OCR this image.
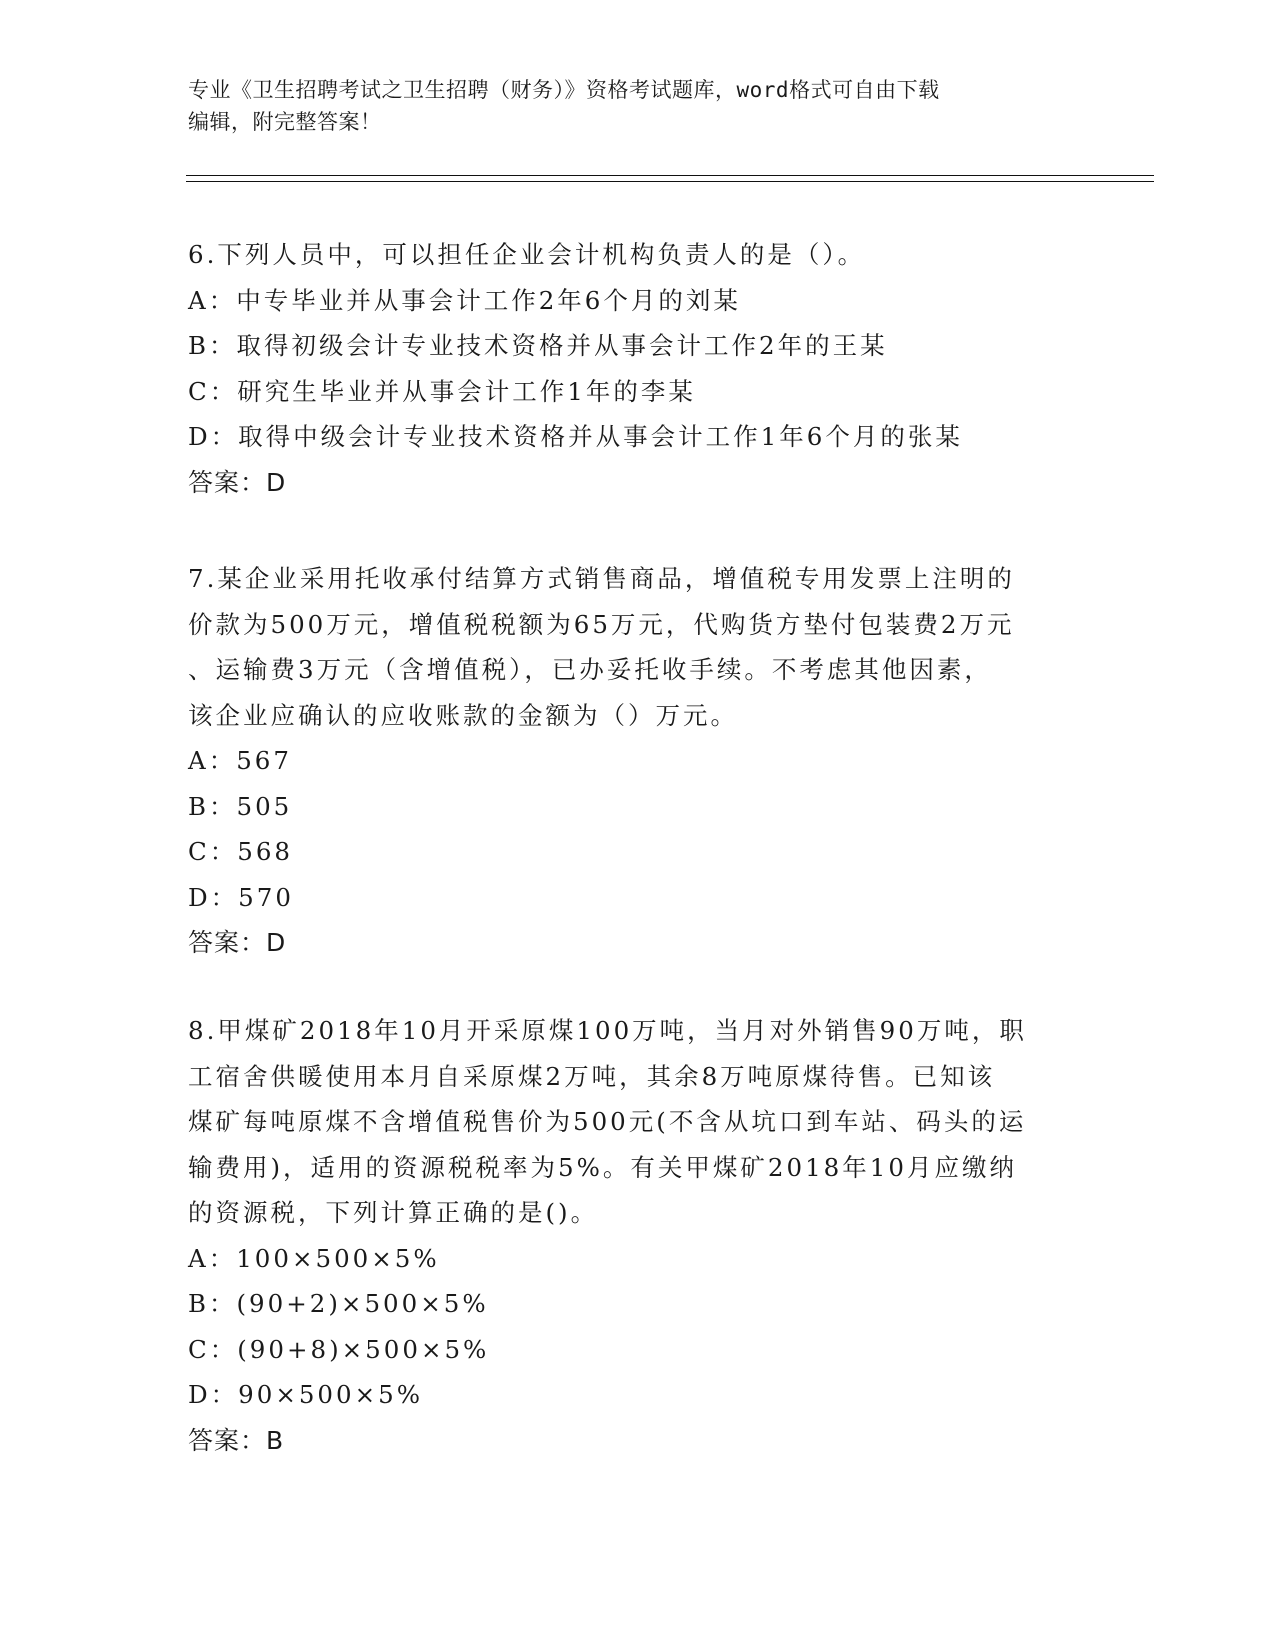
专业《卫生招聘考试之卫生招聘（财务）》资格考试题库，word格式可自由下载
编辑，附完整答案！
6.下列人员中，可以担任企业会计机构负责人的是（）。
A：中专毕业并从事会计工作2年6个月的刘某
B：取得初级会计专业技术资格并从事会计工作2年的王某
C：研究生毕业并从事会计工作1年的李某
D：取得中级会计专业技术资格并从事会计工作1年6个月的张某
答案：D
7.某企业采用托收承付结算方式销售商品，增值税专用发票上注明的
价款为500万元，增值税税额为65万元，代购货方垫付包装费2万元
、运输费3万元（含增值税），已办妥托收手续。不考虑其他因素，
该企业应确认的应收账款的金额为（）万元。
A：567
B：505
C：568
D：570
答案：D
8.甲煤矿2018年10月开采原煤100万吨，当月对外销售90万吨，职
工宿舍供暖使用本月自采原煤2万吨，其余8万吨原煤待售。已知该
煤矿每吨原煤不含增值税售价为500元(不含从坑口到车站、码头的运
输费用)，适用的资源税税率为5%。有关甲煤矿2018年10月应缴纳
的资源税，下列计算正确的是()。
A：100×500×5%
B：(90+2)×500×5%
C：(90+8)×500×5%
D：90×500×5%
答案：B
